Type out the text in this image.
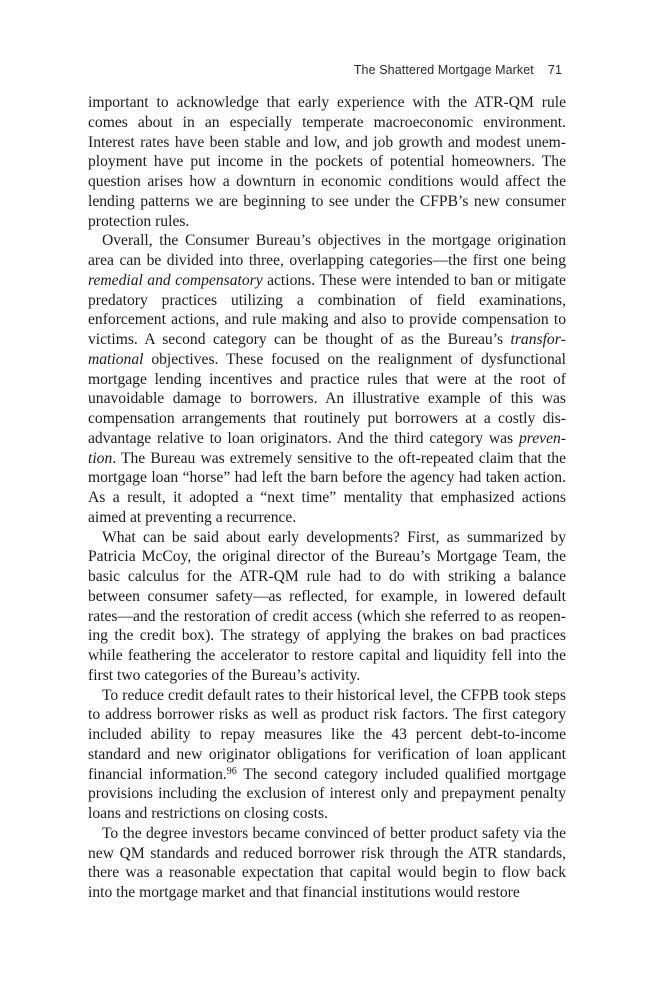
The Shattered Mortgage Market 71

important to acknowledge that early experience with the ATR-QM rule comes about in an especially temperate macroeconomic environment. Interest rates have been stable and low, and job growth and modest unemployment have put income in the pockets of potential homeowners. The question arises how a downturn in economic conditions would affect the lending patterns we are beginning to see under the CFPB’s new consumer protection rules.

Overall, the Consumer Bureau’s objectives in the mortgage origination area can be divided into three, overlapping categories—the first one being remedial and compensatory actions. These were intended to ban or mitigate predatory practices utilizing a combination of field examinations, enforcement actions, and rule making and also to provide compensation to victims. A second category can be thought of as the Bureau’s transformational objectives. These focused on the realignment of dysfunctional mortgage lending incentives and practice rules that were at the root of unavoidable damage to borrowers. An illustrative example of this was compensation arrangements that routinely put borrowers at a costly disadvantage relative to loan originators. And the third category was prevention. The Bureau was extremely sensitive to the oft-repeated claim that the mortgage loan “horse” had left the barn before the agency had taken action. As a result, it adopted a “next time” mentality that emphasized actions aimed at preventing a recurrence.

What can be said about early developments? First, as summarized by Patricia McCoy, the original director of the Bureau’s Mortgage Team, the basic calculus for the ATR-QM rule had to do with striking a balance between consumer safety—as reflected, for example, in lowered default rates—and the restoration of credit access (which she referred to as reopening the credit box). The strategy of applying the brakes on bad practices while feathering the accelerator to restore capital and liquidity fell into the first two categories of the Bureau’s activity.

To reduce credit default rates to their historical level, the CFPB took steps to address borrower risks as well as product risk factors. The first category included ability to repay measures like the 43 percent debt-to-income standard and new originator obligations for verification of loan applicant financial information.$^{96}$ The second category included qualified mortgage provisions including the exclusion of interest only and prepayment penalty loans and restrictions on closing costs.

To the degree investors became convinced of better product safety via the new QM standards and reduced borrower risk through the ATR standards, there was a reasonable expectation that capital would begin to flow back into the mortgage market and that financial institutions would restore
